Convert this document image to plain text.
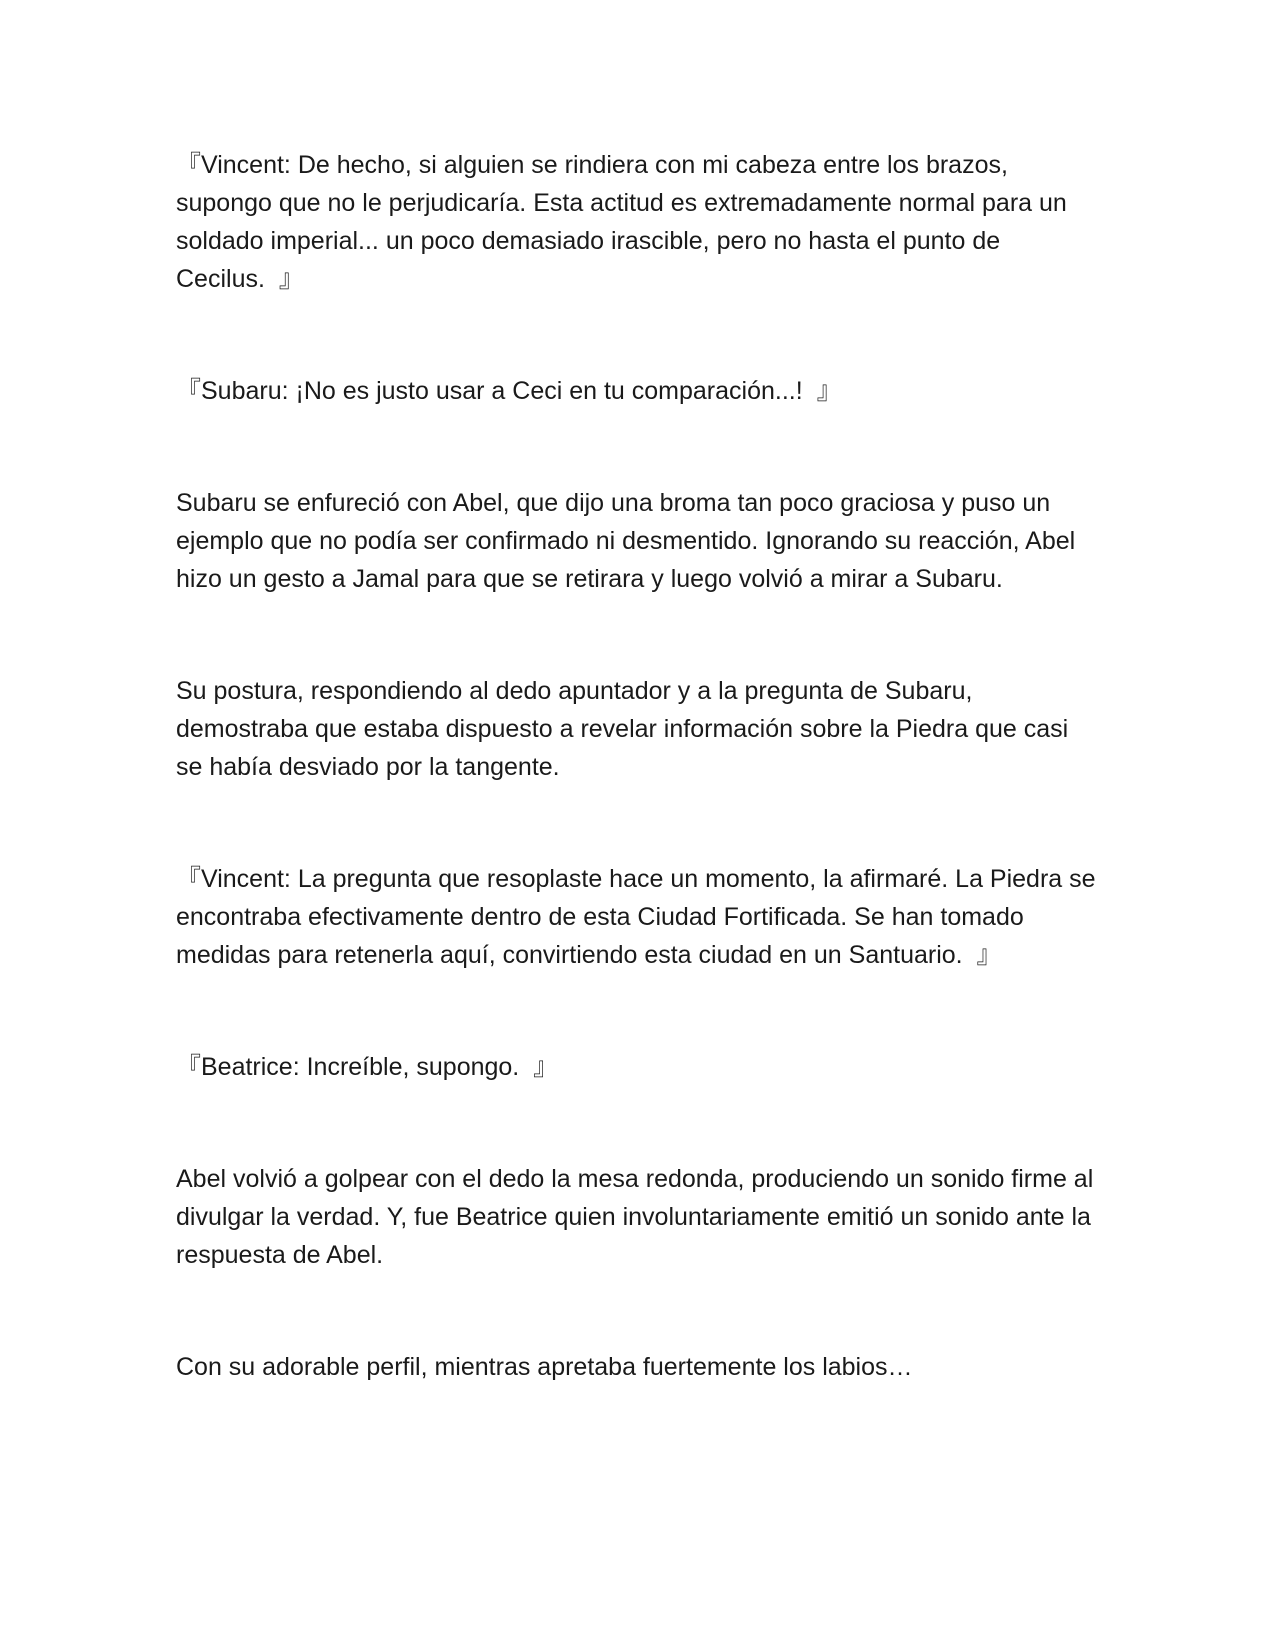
『Vincent: De hecho, si alguien se rindiera con mi cabeza entre los brazos, supongo que no le perjudicaría. Esta actitud es extremadamente normal para un soldado imperial... un poco demasiado irascible, pero no hasta el punto de Cecilus.  』

『Subaru: ¡No es justo usar a Ceci en tu comparación...!  』

Subaru se enfureció con Abel, que dijo una broma tan poco graciosa y puso un ejemplo que no podía ser confirmado ni desmentido. Ignorando su reacción, Abel hizo un gesto a Jamal para que se retirara y luego volvió a mirar a Subaru.

Su postura, respondiendo al dedo apuntador y a la pregunta de Subaru, demostraba que estaba dispuesto a revelar información sobre la Piedra que casi se había desviado por la tangente.

『Vincent: La pregunta que resoplaste hace un momento, la afirmaré. La Piedra se encontraba efectivamente dentro de esta Ciudad Fortificada. Se han tomado medidas para retenerla aquí, convirtiendo esta ciudad en un Santuario.  』

『Beatrice: Increíble, supongo.  』

Abel volvió a golpear con el dedo la mesa redonda, produciendo un sonido firme al divulgar la verdad. Y, fue Beatrice quien involuntariamente emitió un sonido ante la respuesta de Abel.

Con su adorable perfil, mientras apretaba fuertemente los labios…
